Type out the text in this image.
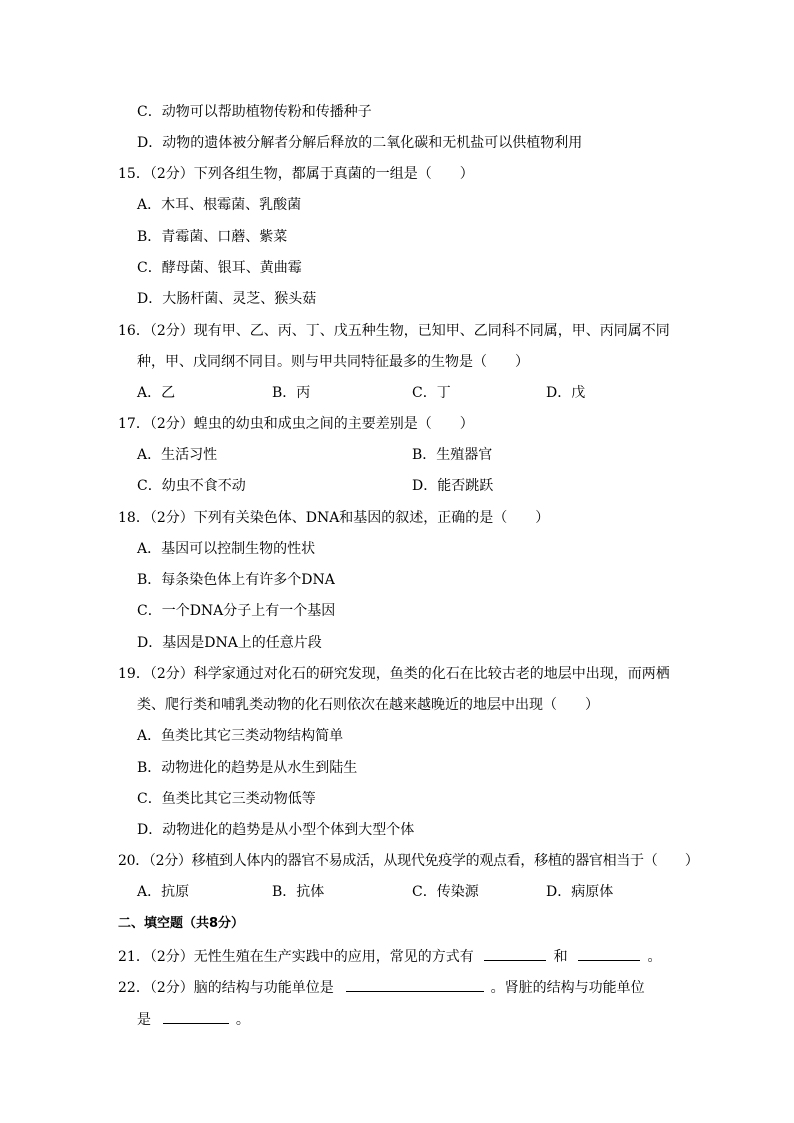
C．动物可以帮助植物传粉和传播种子
D．动物的遗体被分解者分解后释放的二氧化碳和无机盐可以供植物利用
15．（2分）下列各组生物，都属于真菌的一组是（　　）
A．木耳、根霉菌、乳酸菌
B．青霉菌、口蘑、紫菜
C．酵母菌、银耳、黄曲霉
D．大肠杆菌、灵芝、猴头菇
16．（2分）现有甲、乙、丙、丁、戊五种生物，已知甲、乙同科不同属，甲、丙同属不同
种，甲、戊同纲不同目。则与甲共同特征最多的生物是（　　）
A．乙	B．丙	C．丁	D．戊
17．（2分）蝗虫的幼虫和成虫之间的主要差别是（　　）
A．生活习性	B．生殖器官
C．幼虫不食不动	D．能否跳跃
18．（2分）下列有关染色体、DNA和基因的叙述，正确的是（　　）
A．基因可以控制生物的性状
B．每条染色体上有许多个DNA
C．一个DNA分子上有一个基因
D．基因是DNA上的任意片段
19．（2分）科学家通过对化石的研究发现，鱼类的化石在比较古老的地层中出现，而两栖
类、爬行类和哺乳类动物的化石则依次在越来越晚近的地层中出现（　　）
A．鱼类比其它三类动物结构简单
B．动物进化的趋势是从水生到陆生
C．鱼类比其它三类动物低等
D．动物进化的趋势是从小型个体到大型个体
20．（2分）移植到人体内的器官不易成活，从现代免疫学的观点看，移植的器官相当于（　　）
A．抗原	B．抗体	C．传染源	D．病原体
二、填空题（共8分）
21．（2分）无性生殖在生产实践中的应用，常见的方式有	和	。
22．（2分）脑的结构与功能单位是	。肾脏的结构与功能单位
是	。
